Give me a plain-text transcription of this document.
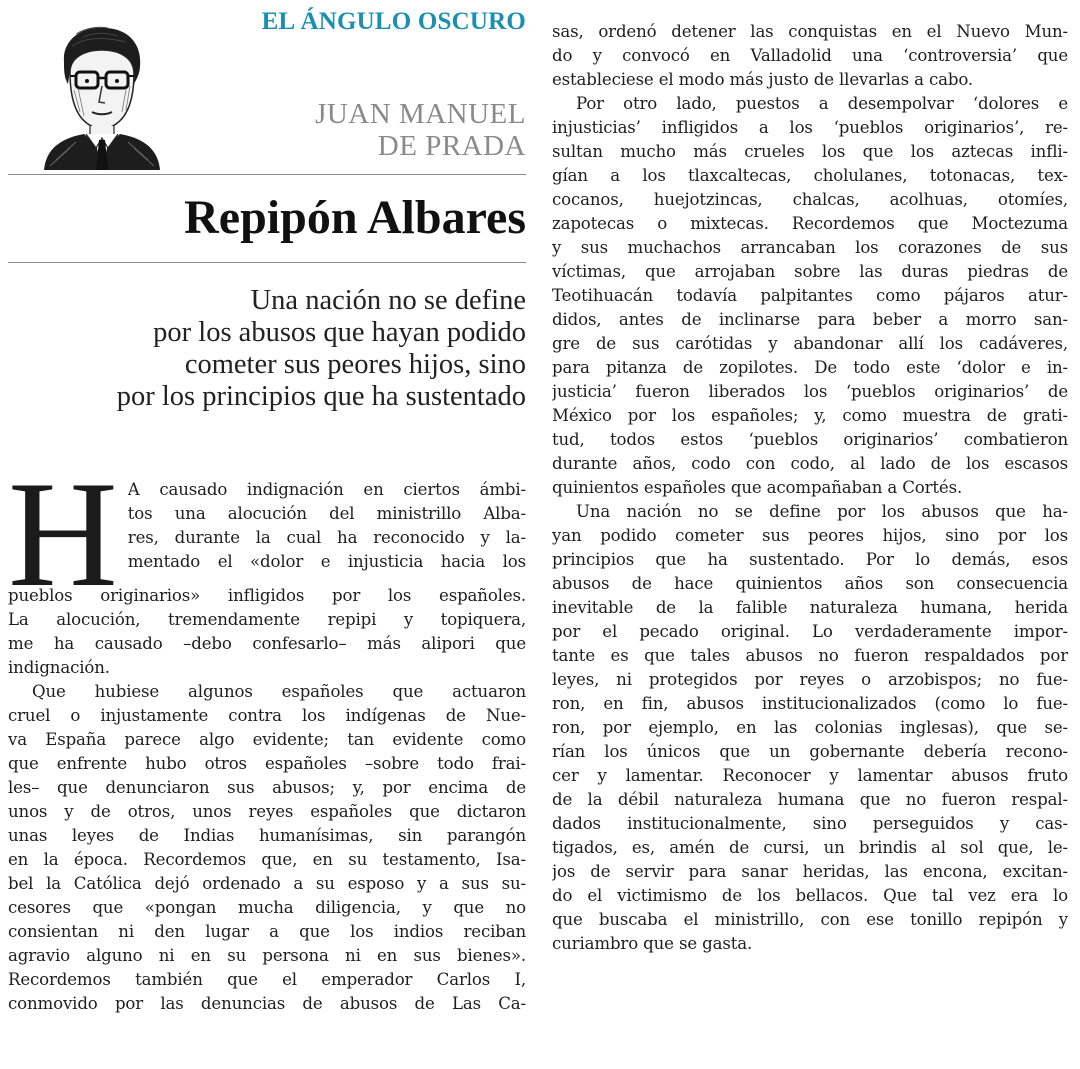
EL ÁNGULO OSCURO
JUAN MANUEL
DE PRADA
Repipón Albares
Una nación no se define
por los abusos que hayan podido
cometer sus peores hijos, sino
por los principios que ha sustentado
H A causado indignación en ciertos ámbi-
tos una alocución del ministrillo Alba-
res, durante la cual ha reconocido y la-
mentado el «dolor e injusticia hacia los
pueblos originarios» infligidos por los españoles.
La alocución, tremendamente repipi y topiquera,
me ha causado –debo confesarlo– más alipori que
indignación.
Que hubiese algunos españoles que actuaron
cruel o injustamente contra los indígenas de Nue-
va España parece algo evidente; tan evidente como
que enfrente hubo otros españoles –sobre todo frai-
les– que denunciaron sus abusos; y, por encima de
unos y de otros, unos reyes españoles que dictaron
unas leyes de Indias humanísimas, sin parangón
en la época. Recordemos que, en su testamento, Isa-
bel la Católica dejó ordenado a su esposo y a sus su-
cesores que «pongan mucha diligencia, y que no
consientan ni den lugar a que los indios reciban
agravio alguno ni en su persona ni en sus bienes».
Recordemos también que el emperador Carlos I,
conmovido por las denuncias de abusos de Las Ca-
sas, ordenó detener las conquistas en el Nuevo Mun-
do y convocó en Valladolid una ‘controversia’ que
estableciese el modo más justo de llevarlas a cabo.
Por otro lado, puestos a desempolvar ‘dolores e
injusticias’ infligidos a los ‘pueblos originarios’, re-
sultan mucho más crueles los que los aztecas infli-
gían a los tlaxcaltecas, cholulanes, totonacas, tex-
cocanos, huejotzincas, chalcas, acolhuas, otomíes,
zapotecas o mixtecas. Recordemos que Moctezuma
y sus muchachos arrancaban los corazones de sus
víctimas, que arrojaban sobre las duras piedras de
Teotihuacán todavía palpitantes como pájaros atur-
didos, antes de inclinarse para beber a morro san-
gre de sus carótidas y abandonar allí los cadáveres,
para pitanza de zopilotes. De todo este ‘dolor e in-
justicia’ fueron liberados los ‘pueblos originarios’ de
México por los españoles; y, como muestra de grati-
tud, todos estos ‘pueblos originarios’ combatieron
durante años, codo con codo, al lado de los escasos
quinientos españoles que acompañaban a Cortés.
Una nación no se define por los abusos que ha-
yan podido cometer sus peores hijos, sino por los
principios que ha sustentado. Por lo demás, esos
abusos de hace quinientos años son consecuencia
inevitable de la falible naturaleza humana, herida
por el pecado original. Lo verdaderamente impor-
tante es que tales abusos no fueron respaldados por
leyes, ni protegidos por reyes o arzobispos; no fue-
ron, en fin, abusos institucionalizados (como lo fue-
ron, por ejemplo, en las colonias inglesas), que se-
rían los únicos que un gobernante debería recono-
cer y lamentar. Reconocer y lamentar abusos fruto
de la débil naturaleza humana que no fueron respal-
dados institucionalmente, sino perseguidos y cas-
tigados, es, amén de cursi, un brindis al sol que, le-
jos de servir para sanar heridas, las encona, excitan-
do el victimismo de los bellacos. Que tal vez era lo
que buscaba el ministrillo, con ese tonillo repipón y
curiambro que se gasta.
